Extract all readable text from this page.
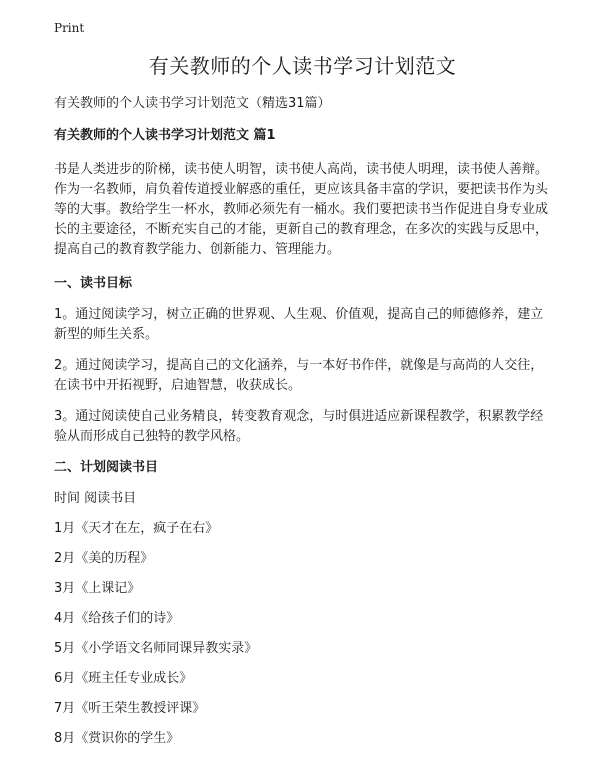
Print
有关教师的个人读书学习计划范文
有关教师的个人读书学习计划范文（精选31篇）
有关教师的个人读书学习计划范文 篇1
书是人类进步的阶梯，读书使人明智，读书使人高尚，读书使人明理，读书使人善辩。作为一名教师，肩负着传道授业解惑的重任，更应该具备丰富的学识，要把读书作为头等的大事。教给学生一杯水，教师必须先有一桶水。我们要把读书当作促进自身专业成长的主要途径，不断充实自己的才能，更新自己的教育理念，在多次的实践与反思中，提高自己的教育教学能力、创新能力、管理能力。
一、读书目标
1。通过阅读学习，树立正确的世界观、人生观、价值观，提高自己的师德修养，建立新型的师生关系。
2。通过阅读学习，提高自己的文化涵养，与一本好书作伴，就像是与高尚的人交往，在读书中开拓视野，启迪智慧，收获成长。
3。通过阅读使自己业务精良，转变教育观念，与时俱进适应新课程教学，积累教学经验从而形成自己独特的教学风格。
二、计划阅读书目
时间 阅读书目
1月《天才在左，疯子在右》
2月《美的历程》
3月《上课记》
4月《给孩子们的诗》
5月《小学语文名师同课异教实录》
6月《班主任专业成长》
7月《听王荣生教授评课》
8月《赏识你的学生》
